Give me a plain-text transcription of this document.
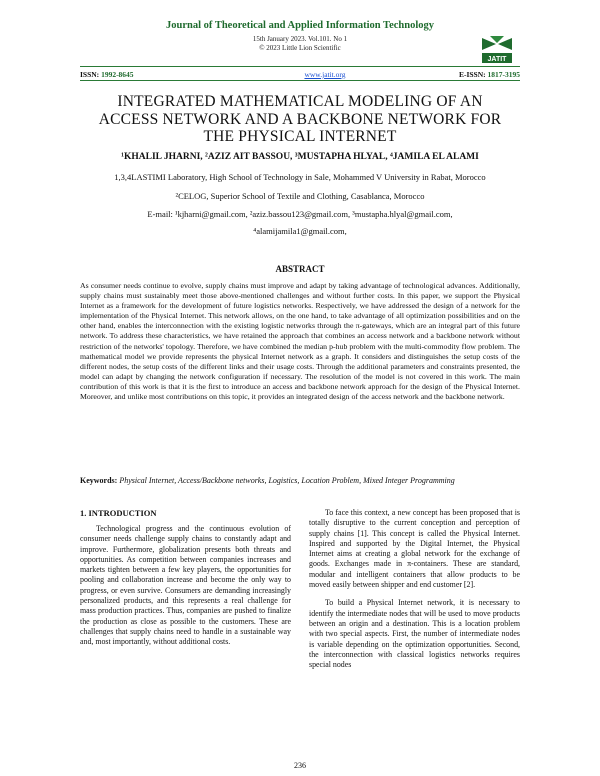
Journal of Theoretical and Applied Information Technology
15th January 2023. Vol.101. No 1
© 2023 Little Lion Scientific
JATIT
ISSN: 1992-8645	www.jatit.org	E-ISSN: 1817-3195
INTEGRATED MATHEMATICAL MODELING OF AN
ACCESS NETWORK AND A BACKBONE NETWORK FOR
THE PHYSICAL INTERNET
¹KHALIL JHARNI, ²AZIZ AIT BASSOU, ³MUSTAPHA HLYAL, ⁴JAMILA EL ALAMI
1,3,4LASTIMI Laboratory, High School of Technology in Sale, Mohammed V University in Rabat, Morocco
²CELOG, Superior School of Textile and Clothing, Casablanca, Morocco
E-mail: ¹kjharni@gmail.com, ²aziz.bassou123@gmail.com, ³mustapha.hlyal@gmail.com,
⁴alamijamila1@gmail.com,
ABSTRACT
As consumer needs continue to evolve, supply chains must improve and adapt by taking advantage of technological advances. Additionally, supply chains must sustainably meet those above-mentioned challenges and without further costs. In this paper, we support the Physical Internet as a framework for the development of future logistics networks. Respectively, we have addressed the design of a network for the implementation of the Physical Internet. This network allows, on the one hand, to take advantage of all optimization possibilities and on the other hand, enables the interconnection with the existing logistic networks through the π-gateways, which are an integral part of this future network. To address these characteristics, we have retained the approach that combines an access network and a backbone network without restriction of the networks' topology. Therefore, we have combined the median p-hub problem with the multi-commodity flow problem. The mathematical model we provide represents the physical Internet network as a graph. It considers and distinguishes the setup costs of the different nodes, the setup costs of the different links and their usage costs. Through the additional parameters and constraints presented, the model can adapt by changing the network configuration if necessary. The resolution of the model is not covered in this work. The main contribution of this work is that it is the first to introduce an access and backbone network approach for the design of the Physical Internet. Moreover, and unlike most contributions on this topic, it provides an integrated design of the access network and the backbone network.
Keywords: Physical Internet, Access/Backbone networks, Logistics, Location Problem, Mixed Integer Programming
1. INTRODUCTION

Technological progress and the continuous evolution of consumer needs challenge supply chains to constantly adapt and improve. Furthermore, globalization presents both threats and opportunities. As competition between companies increases and markets tighten between a few key players, the opportunities for pooling and collaboration increase and become the only way to progress, or even survive. Consumers are demanding increasingly personalized products, and this represents a real challenge for mass production practices. Thus, companies are pushed to finalize the production as close as possible to the customers. These are challenges that supply chains need to handle in a sustainable way and, most importantly, without additional costs.

To face this context, a new concept has been proposed that is totally disruptive to the current conception and perception of supply chains [1]. This concept is called the Physical Internet. Inspired and supported by the Digital Internet, the Physical Internet aims at creating a global network for the exchange of goods. Exchanges made in π-containers. These are standard, modular and intelligent containers that allow products to be moved easily between shipper and end customer [2].

To build a Physical Internet network, it is necessary to identify the intermediate nodes that will be used to move products between an origin and a destination. This is a location problem with two special aspects. First, the number of intermediate nodes is variable depending on the optimization opportunities. Second, the interconnection with classical logistics networks requires special nodes

236
